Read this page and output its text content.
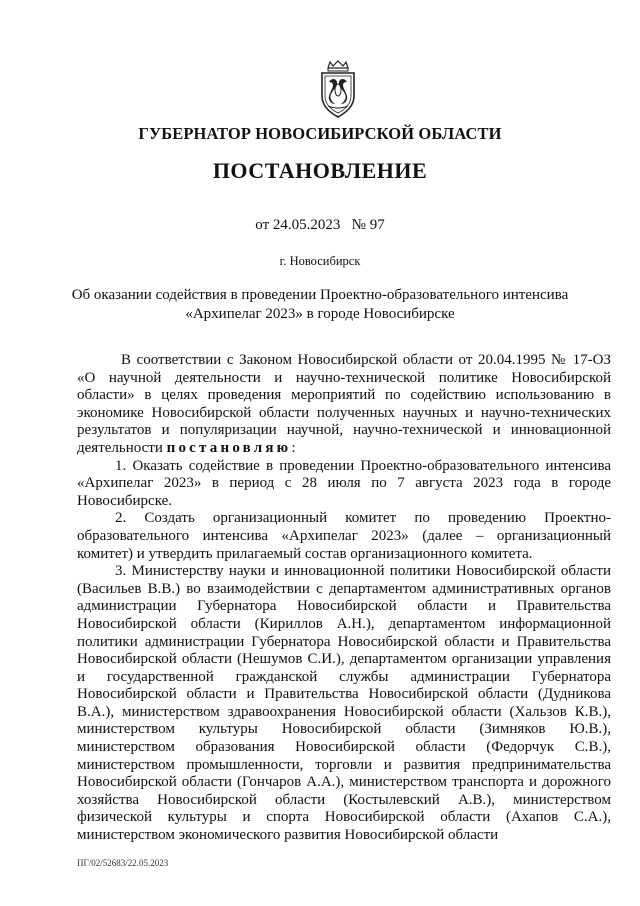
ГУБЕРНАТОР НОВОСИБИРСКОЙ ОБЛАСТИ
ПОСТАНОВЛЕНИЕ
от 24.05.2023 № 97
г. Новосибирск
Об оказании содействия в проведении Проектно-образовательного интенсива
«Архипелаг 2023» в городе Новосибирске

В соответствии с Законом Новосибирской области от 20.04.1995 № 17-ОЗ «О научной деятельности и научно-технической политике Новосибирской области» в целях проведения мероприятий по содействию использованию в экономике Новосибирской области полученных научных и научно-технических результатов и популяризации научной, научно-технической и инновационной деятельности постановляю:

1. Оказать содействие в проведении Проектно-образовательного интенсива «Архипелаг 2023» в период с 28 июля по 7 августа 2023 года в городе Новосибирске.

2. Создать организационный комитет по проведению Проектно-образовательного интенсива «Архипелаг 2023» (далее – организационный комитет) и утвердить прилагаемый состав организационного комитета.

3. Министерству науки и инновационной политики Новосибирской области (Васильев В.В.) во взаимодействии с департаментом административных органов администрации Губернатора Новосибирской области и Правительства Новосибирской области (Кириллов А.Н.), департаментом информационной политики администрации Губернатора Новосибирской области и Правительства Новосибирской области (Нешумов С.И.), департаментом организации управления и государственной гражданской службы администрации Губернатора Новосибирской области и Правительства Новосибирской области (Дудникова В.А.), министерством здравоохранения Новосибирской области (Хальзов К.В.), министерством культуры Новосибирской области (Зимняков Ю.В.), министерством образования Новосибирской области (Федорчук С.В.), министерством промышленности, торговли и развития предпринимательства Новосибирской области (Гончаров А.А.), министерством транспорта и дорожного хозяйства Новосибирской области (Костылевский А.В.), министерством физической культуры и спорта Новосибирской области (Ахапов С.А.), министерством экономического развития Новосибирской области

ПГ/02/52683/22.05.2023
